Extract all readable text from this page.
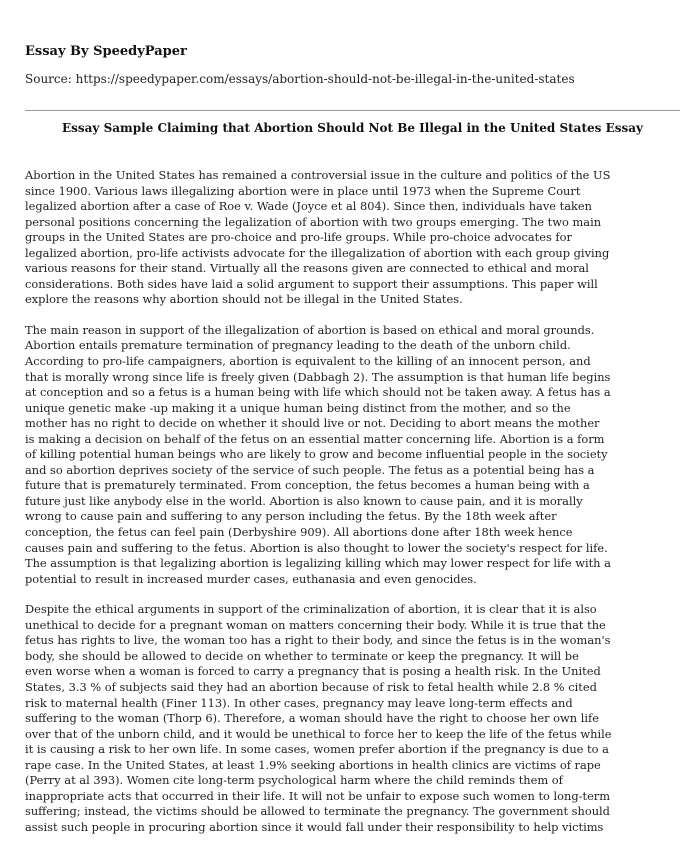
Essay By SpeedyPaper
Source: https://speedypaper.com/essays/abortion-should-not-be-illegal-in-the-united-states
Essay Sample Claiming that Abortion Should Not Be Illegal in the United States Essay

Abortion in the United States has remained a controversial issue in the culture and politics of the US
since 1900. Various laws illegalizing abortion were in place until 1973 when the Supreme Court
legalized abortion after a case of Roe v. Wade (Joyce et al 804). Since then, individuals have taken
personal positions concerning the legalization of abortion with two groups emerging. The two main
groups in the United States are pro-choice and pro-life groups. While pro-choice advocates for
legalized abortion, pro-life activists advocate for the illegalization of abortion with each group giving
various reasons for their stand. Virtually all the reasons given are connected to ethical and moral
considerations. Both sides have laid a solid argument to support their assumptions. This paper will
explore the reasons why abortion should not be illegal in the United States.

The main reason in support of the illegalization of abortion is based on ethical and moral grounds.
Abortion entails premature termination of pregnancy leading to the death of the unborn child.
According to pro-life campaigners, abortion is equivalent to the killing of an innocent person, and
that is morally wrong since life is freely given (Dabbagh 2). The assumption is that human life begins
at conception and so a fetus is a human being with life which should not be taken away. A fetus has a
unique genetic make -up making it a unique human being distinct from the mother, and so the
mother has no right to decide on whether it should live or not. Deciding to abort means the mother
is making a decision on behalf of the fetus on an essential matter concerning life. Abortion is a form
of killing potential human beings who are likely to grow and become influential people in the society
and so abortion deprives society of the service of such people. The fetus as a potential being has a
future that is prematurely terminated. From conception, the fetus becomes a human being with a
future just like anybody else in the world. Abortion is also known to cause pain, and it is morally
wrong to cause pain and suffering to any person including the fetus. By the 18th week after
conception, the fetus can feel pain (Derbyshire 909). All abortions done after 18th week hence
causes pain and suffering to the fetus. Abortion is also thought to lower the society's respect for life.
The assumption is that legalizing abortion is legalizing killing which may lower respect for life with a
potential to result in increased murder cases, euthanasia and even genocides.

Despite the ethical arguments in support of the criminalization of abortion, it is clear that it is also
unethical to decide for a pregnant woman on matters concerning their body. While it is true that the
fetus has rights to live, the woman too has a right to their body, and since the fetus is in the woman's
body, she should be allowed to decide on whether to terminate or keep the pregnancy. It will be
even worse when a woman is forced to carry a pregnancy that is posing a health risk. In the United
States, 3.3 % of subjects said they had an abortion because of risk to fetal health while 2.8 % cited
risk to maternal health (Finer 113). In other cases, pregnancy may leave long-term effects and
suffering to the woman (Thorp 6). Therefore, a woman should have the right to choose her own life
over that of the unborn child, and it would be unethical to force her to keep the life of the fetus while
it is causing a risk to her own life. In some cases, women prefer abortion if the pregnancy is due to a
rape case. In the United States, at least 1.9% seeking abortions in health clinics are victims of rape
(Perry at al 393). Women cite long-term psychological harm where the child reminds them of
inappropriate acts that occurred in their life. It will not be unfair to expose such women to long-term
suffering; instead, the victims should be allowed to terminate the pregnancy. The government should
assist such people in procuring abortion since it would fall under their responsibility to help victims
